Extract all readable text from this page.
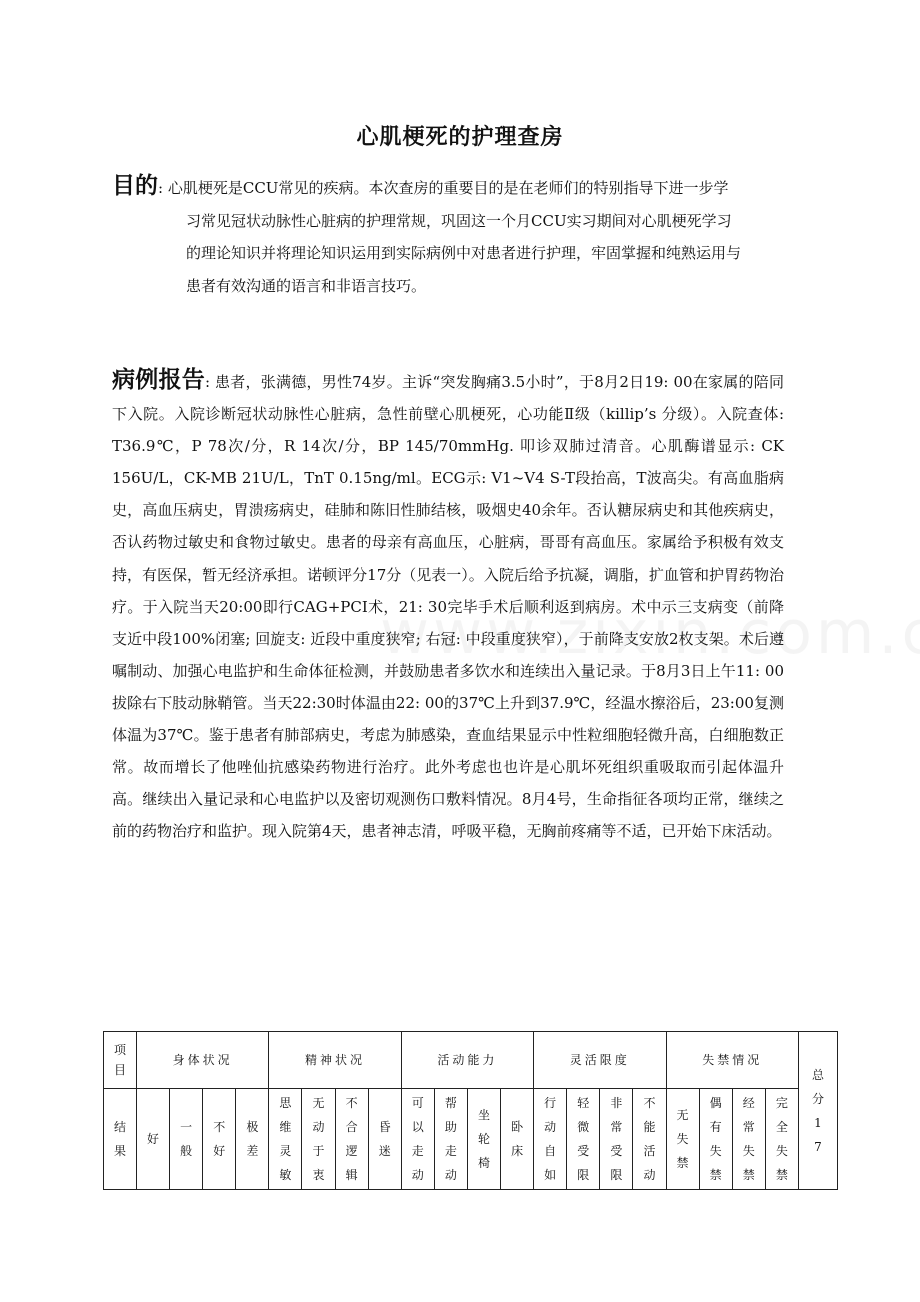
心肌梗死的护理查房
目的: 心肌梗死是CCU常见的疾病。本次查房的重要目的是在老师们的特别指导下进一步学
习常见冠状动脉性心脏病的护理常规，巩固这一个月CCU实习期间对心肌梗死学习
的理论知识并将理论知识运用到实际病例中对患者进行护理，牢固掌握和纯熟运用与
患者有效沟通的语言和非语言技巧。
病例报告: 患者，张满德，男性74岁。主诉“突发胸痛3.5小时”，于8月2日19: 00在家属的陪同下入院。入院诊断冠状动脉性心脏病，急性前壁心肌梗死，心功能Ⅱ级（killip’s 分级）。入院查体: T36.9℃，P 78次/分，R 14次/分，BP 145/70mmHg. 叩诊双肺过清音。心肌酶谱显示: CK 156U/L，CK-MB 21U/L，TnT 0.15ng/ml。ECG示: V1~V4 S-T段抬高，T波高尖。有高血脂病史，高血压病史，胃溃疡病史，硅肺和陈旧性肺结核，吸烟史40余年。否认糖尿病史和其他疾病史，否认药物过敏史和食物过敏史。患者的母亲有高血压，心脏病，哥哥有高血压。家属给予积极有效支持，有医保，暂无经济承担。诺顿评分17分（见表一）。入院后给予抗凝，调脂，扩血管和护胃药物治疗。于入院当天20:00即行CAG+PCI术，21: 30完毕手术后顺利返到病房。术中示三支病变（前降支近中段100%闭塞; 回旋支: 近段中重度狭窄; 右冠: 中段重度狭窄），于前降支安放2枚支架。术后遵嘱制动、加强心电监护和生命体征检测，并鼓励患者多饮水和连续出入量记录。于8月3日上午11: 00拔除右下肢动脉鞘管。当天22:30时体温由22: 00的37℃上升到37.9℃，经温水擦浴后，23:00复测体温为37℃。鉴于患者有肺部病史，考虑为肺感染，查血结果显示中性粒细胞轻微升高，白细胞数正常。故而增长了他唑仙抗感染药物进行治疗。此外考虑也也许是心肌坏死组织重吸取而引起体温升高。继续出入量记录和心电监护以及密切观测伤口敷料情况。8月4号，生命指征各项均正常，继续之前的药物治疗和监护。现入院第4天，患者神志清，呼吸平稳，无胸前疼痛等不适，已开始下床活动。
项目	身体状况				精神状况				活动能力				灵活限度				失禁情况				总分17
结果	好	一般	不好	极差	思维灵敏	无动于衷	不合逻辑	昏迷	可以走动	帮助走动	坐轮椅	卧床	行动自如	轻微受限	非常受限	不能活动	无失禁	偶有失禁	经常失禁	完全失禁	
